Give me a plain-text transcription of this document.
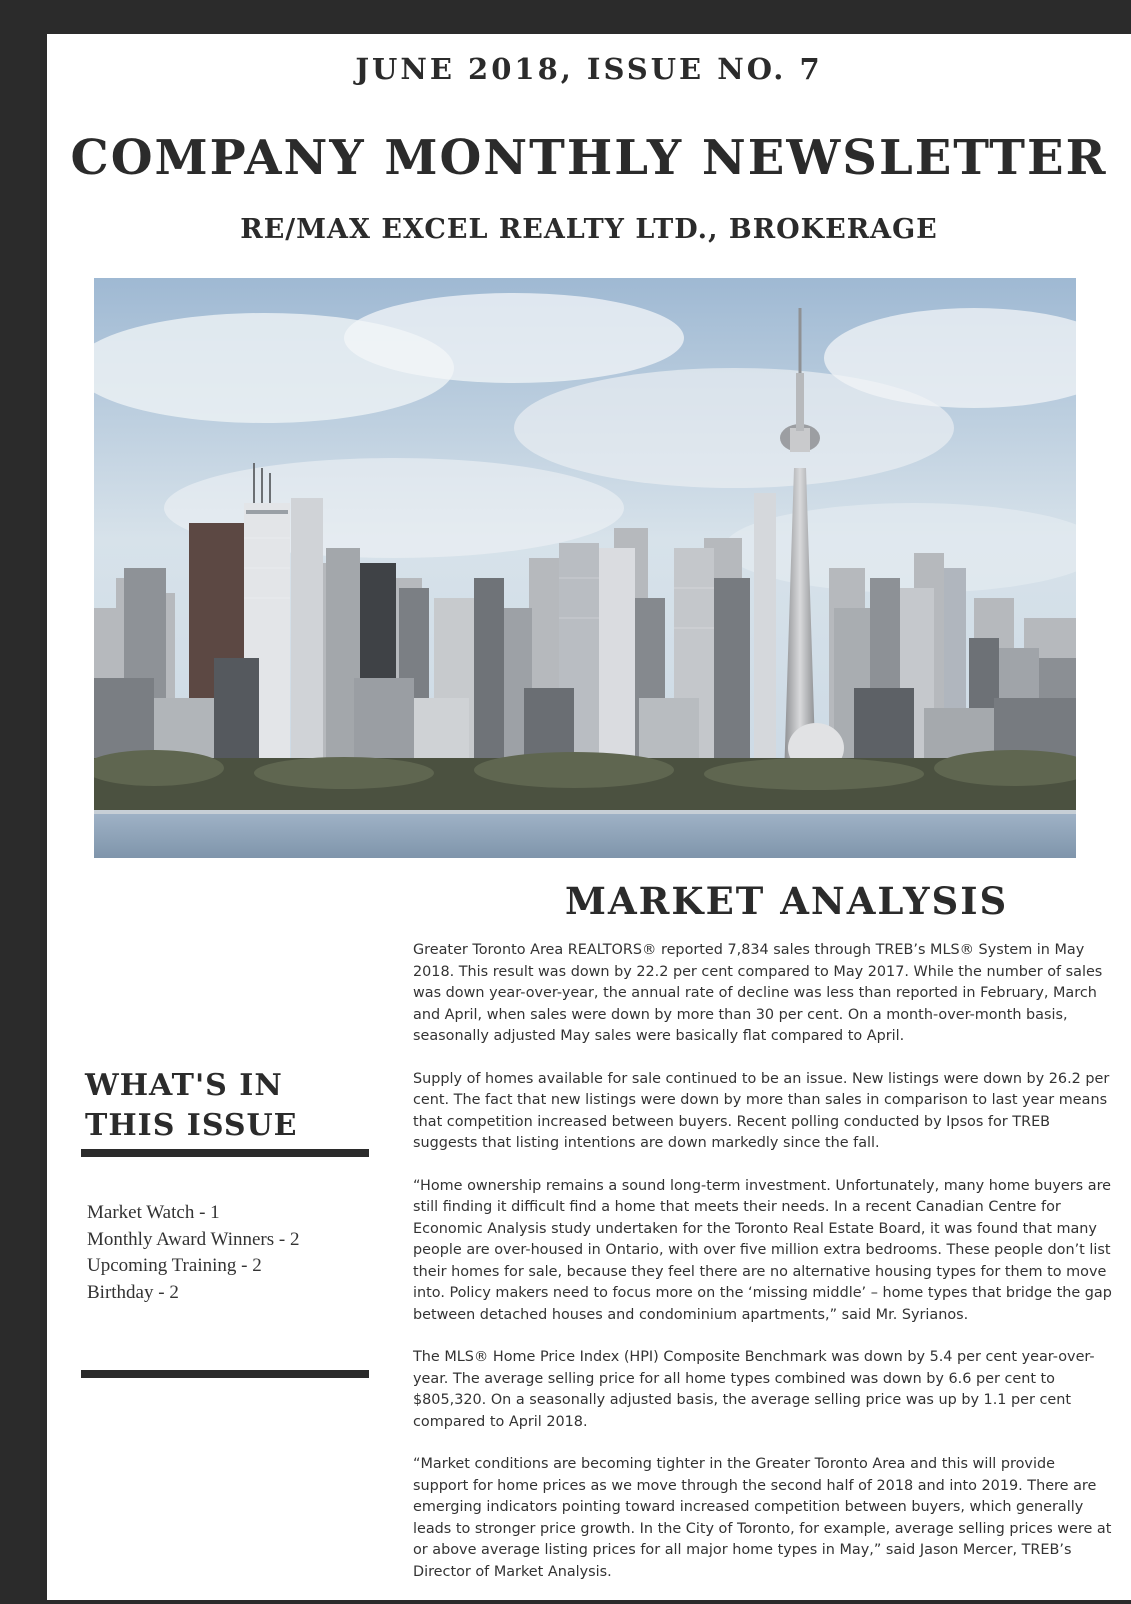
JUNE 2018, ISSUE NO. 7
COMPANY MONTHLY NEWSLETTER
RE/MAX EXCEL REALTY LTD., BROKERAGE
MARKET ANALYSIS

Greater Toronto Area REALTORS® reported 7,834 sales through TREB’s MLS® System in May 2018. This result was down by 22.2 per cent compared to May 2017. While the number of sales was down year-over-year, the annual rate of decline was less than reported in February, March and April, when sales were down by more than 30 per cent. On a month-over-month basis, seasonally adjusted May sales were basically flat compared to April.

Supply of homes available for sale continued to be an issue. New listings were down by 26.2 per cent. The fact that new listings were down by more than sales in comparison to last year means that competition increased between buyers. Recent polling conducted by Ipsos for TREB suggests that listing intentions are down markedly since the fall.

“Home ownership remains a sound long-term investment. Unfortunately, many home buyers are still finding it difficult find a home that meets their needs. In a recent Canadian Centre for Economic Analysis study undertaken for the Toronto Real Estate Board, it was found that many people are over-housed in Ontario, with over five million extra bedrooms. These people don’t list their homes for sale, because they feel there are no alternative housing types for them to move into. Policy makers need to focus more on the ‘missing middle’ – home types that bridge the gap between detached houses and condominium apartments,” said Mr. Syrianos.

The MLS® Home Price Index (HPI) Composite Benchmark was down by 5.4 per cent year-over-year. The average selling price for all home types combined was down by 6.6 per cent to $805,320. On a seasonally adjusted basis, the average selling price was up by 1.1 per cent compared to April 2018.

“Market conditions are becoming tighter in the Greater Toronto Area and this will provide support for home prices as we move through the second half of 2018 and into 2019. There are emerging indicators pointing toward increased competition between buyers, which generally leads to stronger price growth. In the City of Toronto, for example, average selling prices were at or above average listing prices for all major home types in May,” said Jason Mercer, TREB’s Director of Market Analysis.

WHAT'S IN
THIS ISSUE
Market Watch - 1
Monthly Award Winners - 2
Upcoming Training - 2
Birthday - 2
